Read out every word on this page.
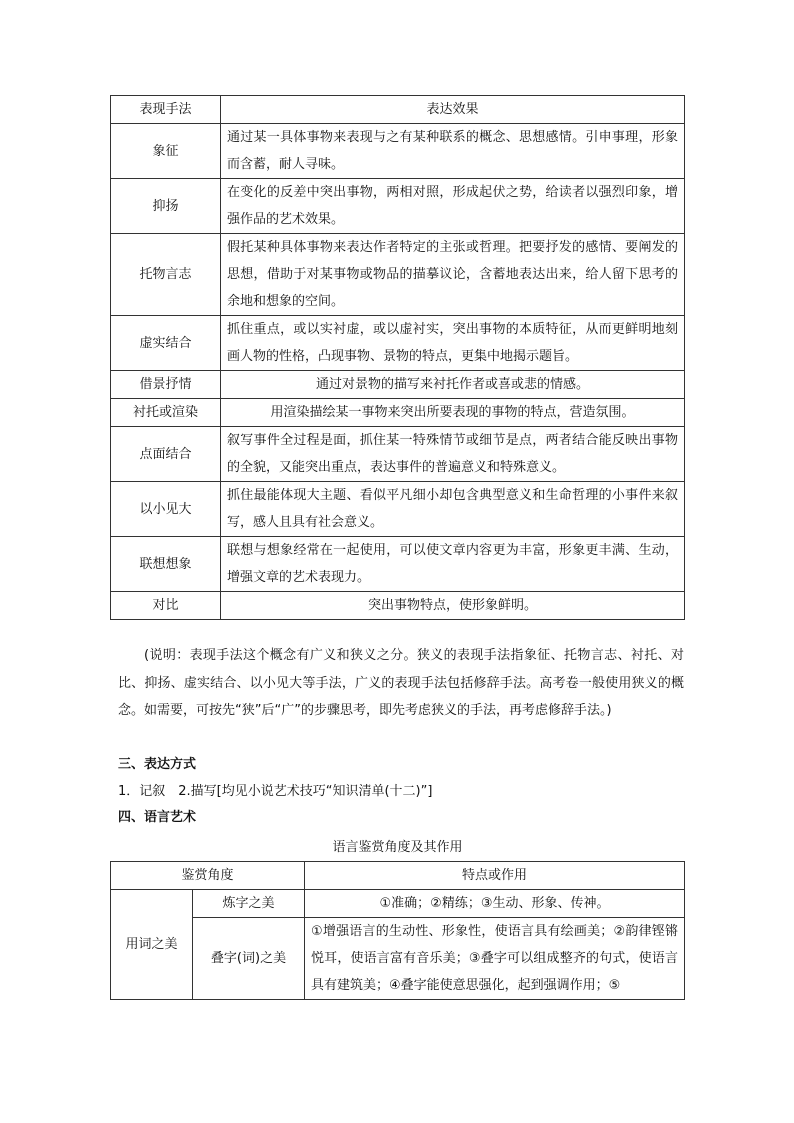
表现手法	表达效果
象征	通过某一具体事物来表现与之有某种联系的概念、思想感情。引申事理，形象而含蓄，耐人寻味。
抑扬	在变化的反差中突出事物，两相对照，形成起伏之势，给读者以强烈印象，增强作品的艺术效果。
托物言志	假托某种具体事物来表达作者特定的主张或哲理。把要抒发的感情、要阐发的思想，借助于对某事物或物品的描摹议论，含蓄地表达出来，给人留下思考的余地和想象的空间。
虚实结合	抓住重点，或以实衬虚，或以虚衬实，突出事物的本质特征，从而更鲜明地刻画人物的性格，凸现事物、景物的特点，更集中地揭示题旨。
借景抒情	通过对景物的描写来衬托作者或喜或悲的情感。
衬托或渲染	用渲染描绘某一事物来突出所要表现的事物的特点，营造氛围。
点面结合	叙写事件全过程是面，抓住某一特殊情节或细节是点，两者结合能反映出事物的全貌，又能突出重点，表达事件的普遍意义和特殊意义。
以小见大	抓住最能体现大主题、看似平凡细小却包含典型意义和生命哲理的小事件来叙写，感人且具有社会意义。
联想想象	联想与想象经常在一起使用，可以使文章内容更为丰富，形象更丰满、生动，增强文章的艺术表现力。
对比	突出事物特点，使形象鲜明。
(说明：表现手法这个概念有广义和狭义之分。狭义的表现手法指象征、托物言志、衬托、对比、抑扬、虚实结合、以小见大等手法，广义的表现手法包括修辞手法。高考卷一般使用狭义的概念。如需要，可按先“狭”后“广”的步骤思考，即先考虑狭义的手法，再考虑修辞手法。)
三、表达方式
1．记叙　2.描写[均见小说艺术技巧“知识清单(十二)”]
四、语言艺术
语言鉴赏角度及其作用
鉴赏角度		特点或作用
用词之美	炼字之美	①准确；②精练；③生动、形象、传神。
	叠字(词)之美	①增强语言的生动性、形象性，使语言具有绘画美；②韵律铿锵悦耳，使语言富有音乐美；③叠字可以组成整齐的句式，使语言具有建筑美；④叠字能使意思强化，起到强调作用；⑤
